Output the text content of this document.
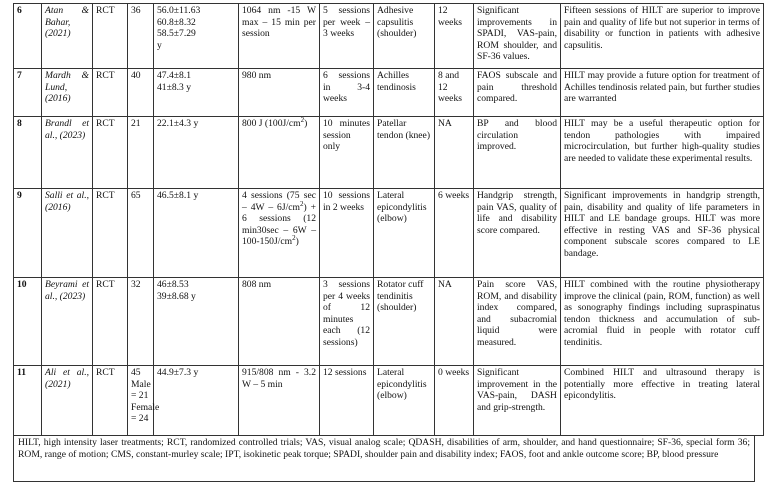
6	Atan & Bahar, (2021)	RCT	36	56.0±11.63
60.8±8.32
58.5±7.29
y	1064 nm -15 W max – 15 min per session	5 sessions per week – 3 weeks	Adhesive capsulitis (shoulder)	12 weeks	Significant improvements in SPADI, VAS-pain, ROM shoulder, and SF-36 values.	Fifteen sessions of HILT are superior to improve pain and quality of life but not superior in terms of disability or function in patients with adhesive capsulitis.
7	Mardh & Lund, (2016)	RCT	40	47.4±8.1
41±8.3 y	980 nm	6 sessions in 3-4 weeks	Achilles tendinosis	8 and 12 weeks	FAOS subscale and pain threshold compared.	HILT may provide a future option for treatment of Achilles tendinosis related pain, but further studies are warranted
8	Brandl et al., (2023)	RCT	21	22.1±4.3 y	800 J $(100J/cm^2)$	10 minutes session only	Patellar tendon (knee)	NA	BP and blood circulation improved.	HILT may be a useful therapeutic option for tendon pathologies with impaired microcirculation, but further high-quality studies are needed to validate these experimental results.
9	Salli et al., (2016)	RCT	65	46.5±8.1 y	4 sessions (75 $\sec - 4W - 6J/cm^2) + 6$ sessions (12 $\min 30\sec - 6W - 100-150J/cm^2$)	10 sessions in 2 weeks	Lateral epicondylitis (elbow)	6 weeks	Handgrip strength, pain VAS, quality of life and disability score compared.	Significant improvements in handgrip strength, pain, disability and quality of life parameters in HILT and LE bandage groups. HILT was more effective in resting VAS and SF-36 physical component subscale scores compared to LE bandage.
10	Beyrami et al., (2023)	RCT	32	46±8.53
39±8.68 y	808 nm	3 sessions per 4 weeks of 12 minutes each (12 sessions)	Rotator cuff tendinitis (shoulder)	NA	Pain score VAS, ROM, and disability index compared, and subacromial liquid were measured.	HILT combined with the routine physiotherapy improve the clinical (pain, ROM, function) as well as sonography findings including supraspinatus tendon thickness and accumulation of sub-acromial fluid in people with rotator cuff tendinitis.
11	Ali et al., (2021)	RCT	45
Male
= 21
Female
= 24	44.9±7.3 y	915/808 nm - 3.2 W – 5 min	12 sessions	Lateral epicondylitis (elbow)	0 weeks	Significant improvement in the VAS-pain, DASH and grip-strength.	Combined HILT and ultrasound therapy is potentially more effective in treating lateral epicondylitis.
HILT, high intensity laser treatments; RCT, randomized controlled trials; VAS, visual analog scale; QDASH, disabilities of arm, shoulder, and hand questionnaire; SF-36, special form 36; ROM, range of motion; CMS, constant-murley scale; IPT, isokinetic peak torque; SPADI, shoulder pain and disability index; FAOS, foot and ankle outcome score; BP, blood pressure
